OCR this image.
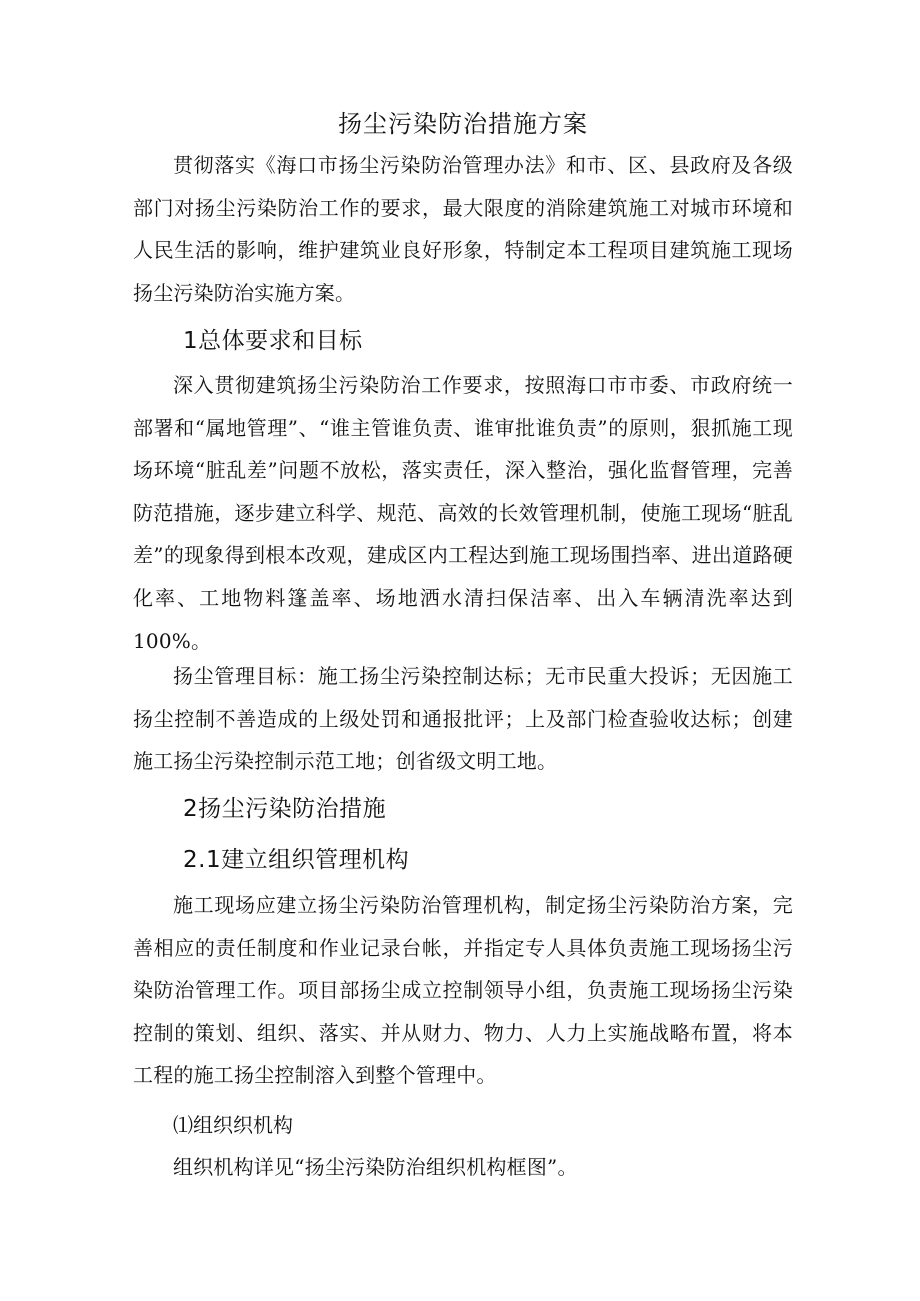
扬尘污染防治措施方案

贯彻落实《海口市扬尘污染防治管理办法》和市、区、县政府及各级部门对扬尘污染防治工作的要求，最大限度的消除建筑施工对城市环境和人民生活的影响，维护建筑业良好形象，特制定本工程项目建筑施工现场扬尘污染防治实施方案。

1总体要求和目标

深入贯彻建筑扬尘污染防治工作要求，按照海口市市委、市政府统一部署和“属地管理”、“谁主管谁负责、谁审批谁负责”的原则，狠抓施工现场环境“脏乱差”问题不放松，落实责任，深入整治，强化监督管理，完善防范措施，逐步建立科学、规范、高效的长效管理机制，使施工现场“脏乱差”的现象得到根本改观，建成区内工程达到施工现场围挡率、进出道路硬化率、工地物料篷盖率、场地洒水清扫保洁率、出入车辆清洗率达到100%。

扬尘管理目标：施工扬尘污染控制达标；无市民重大投诉；无因施工扬尘控制不善造成的上级处罚和通报批评；上及部门检查验收达标；创建施工扬尘污染控制示范工地；创省级文明工地。

2扬尘污染防治措施
2.1建立组织管理机构

施工现场应建立扬尘污染防治管理机构，制定扬尘污染防治方案，完善相应的责任制度和作业记录台帐，并指定专人具体负责施工现场扬尘污染防治管理工作。项目部扬尘成立控制领导小组，负责施工现场扬尘污染控制的策划、组织、落实、并从财力、物力、人力上实施战略布置，将本工程的施工扬尘控制溶入到整个管理中。

⑴组织织机构

组织机构详见“扬尘污染防治组织机构框图”。
